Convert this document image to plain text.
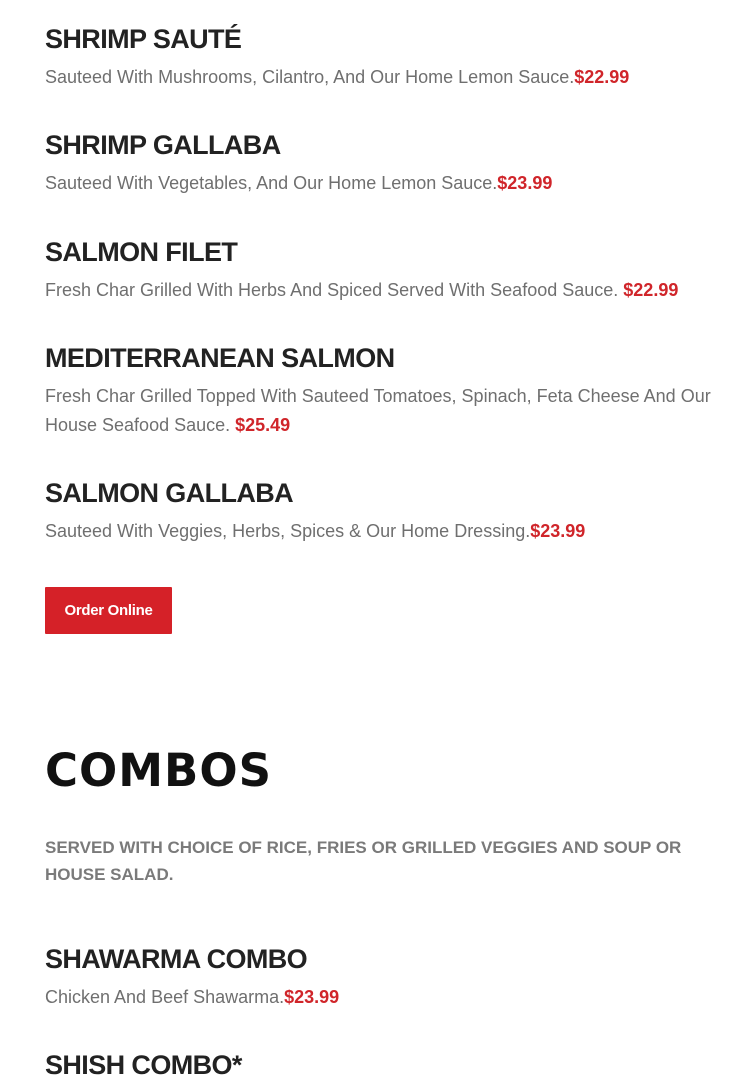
SHRIMP SAUTÉ

Sauteed With Mushrooms, Cilantro, And Our Home Lemon Sauce.$22.99

SHRIMP GALLABA

Sauteed With Vegetables, And Our Home Lemon Sauce.$23.99

SALMON FILET

Fresh Char Grilled With Herbs And Spiced Served With Seafood Sauce. $22.99

MEDITERRANEAN SALMON

Fresh Char Grilled Topped With Sauteed Tomatoes, Spinach, Feta Cheese And Our House Seafood Sauce. $25.49

SALMON GALLABA

Sauteed With Veggies, Herbs, Spices & Our Home Dressing.$23.99

Order Online
COMBOS

SERVED WITH CHOICE OF RICE, FRIES OR GRILLED VEGGIES AND SOUP OR HOUSE SALAD.

SHAWARMA COMBO

Chicken And Beef Shawarma.$23.99

SHISH COMBO*
